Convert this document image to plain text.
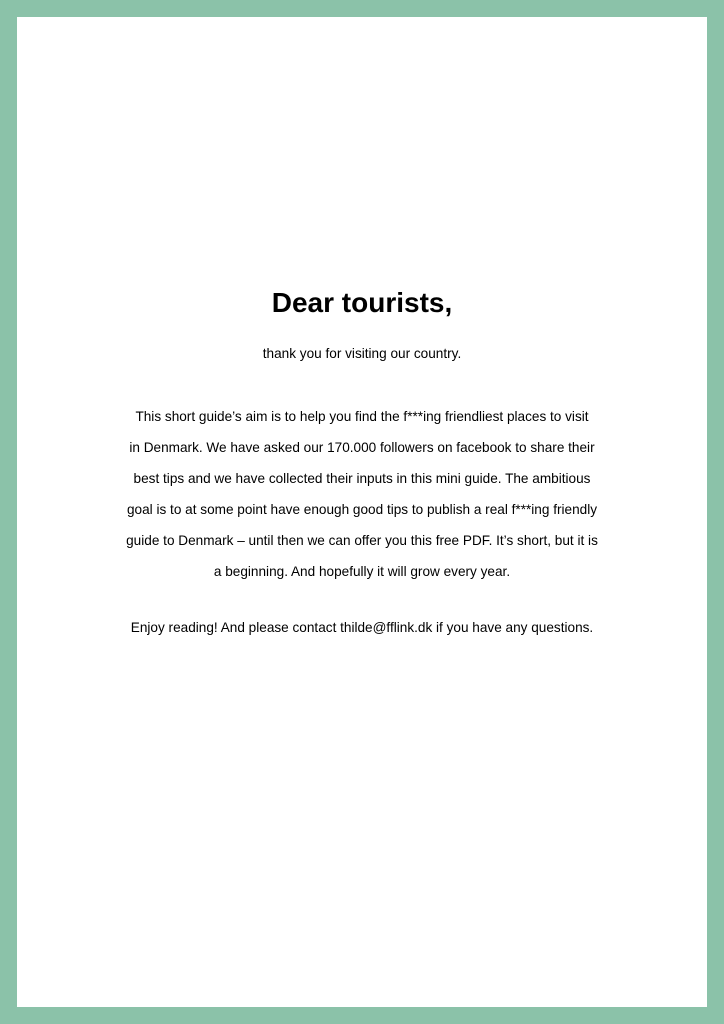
Dear tourists,

thank you for visiting our country.

This short guide’s aim is to help you find the f***ing friendliest places to visit
in Denmark. We have asked our 170.000 followers on facebook to share their
best tips and we have collected their inputs in this mini guide. The ambitious
goal is to at some point have enough good tips to publish a real f***ing friendly
guide to Denmark – until then we can offer you this free PDF. It’s short, but it is
a beginning. And hopefully it will grow every year.

Enjoy reading! And please contact thilde@fflink.dk if you have any questions.
